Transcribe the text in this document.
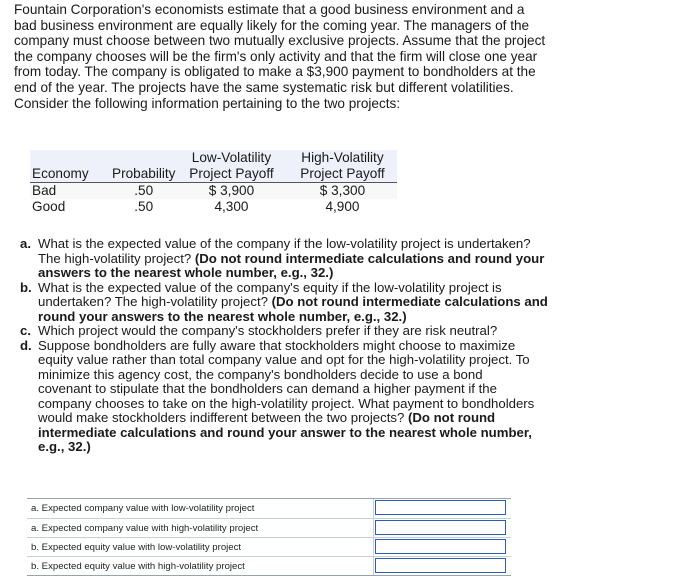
Fountain Corporation's economists estimate that a good business environment and a
bad business environment are equally likely for the coming year. The managers of the
company must choose between two mutually exclusive projects. Assume that the project
the company chooses will be the firm's only activity and that the firm will close one year
from today. The company is obligated to make a $3,900 payment to bondholders at the
end of the year. The projects have the same systematic risk but different volatilities.
Consider the following information pertaining to the two projects:
		Low-Volatility	High-Volatility
Economy	Probability	Project Payoff	Project Payoff
Bad	.50	$ 3,900	$ 3,300
Good	.50	4,300	4,900
a. What is the expected value of the company if the low-volatility project is undertaken?
The high-volatility project? (Do not round intermediate calculations and round your
answers to the nearest whole number, e.g., 32.)
b. What is the expected value of the company's equity if the low-volatility project is
undertaken? The high-volatility project? (Do not round intermediate calculations and
round your answers to the nearest whole number, e.g., 32.)
c. Which project would the company's stockholders prefer if they are risk neutral?
d. Suppose bondholders are fully aware that stockholders might choose to maximize
equity value rather than total company value and opt for the high-volatility project. To
minimize this agency cost, the company's bondholders decide to use a bond
covenant to stipulate that the bondholders can demand a higher payment if the
company chooses to take on the high-volatility project. What payment to bondholders
would make stockholders indifferent between the two projects? (Do not round
intermediate calculations and round your answer to the nearest whole number,
e.g., 32.)
a. Expected company value with low-volatility project
a. Expected company value with high-volatility project
b. Expected equity value with low-volatility project
b. Expected equity value with high-volatility project
